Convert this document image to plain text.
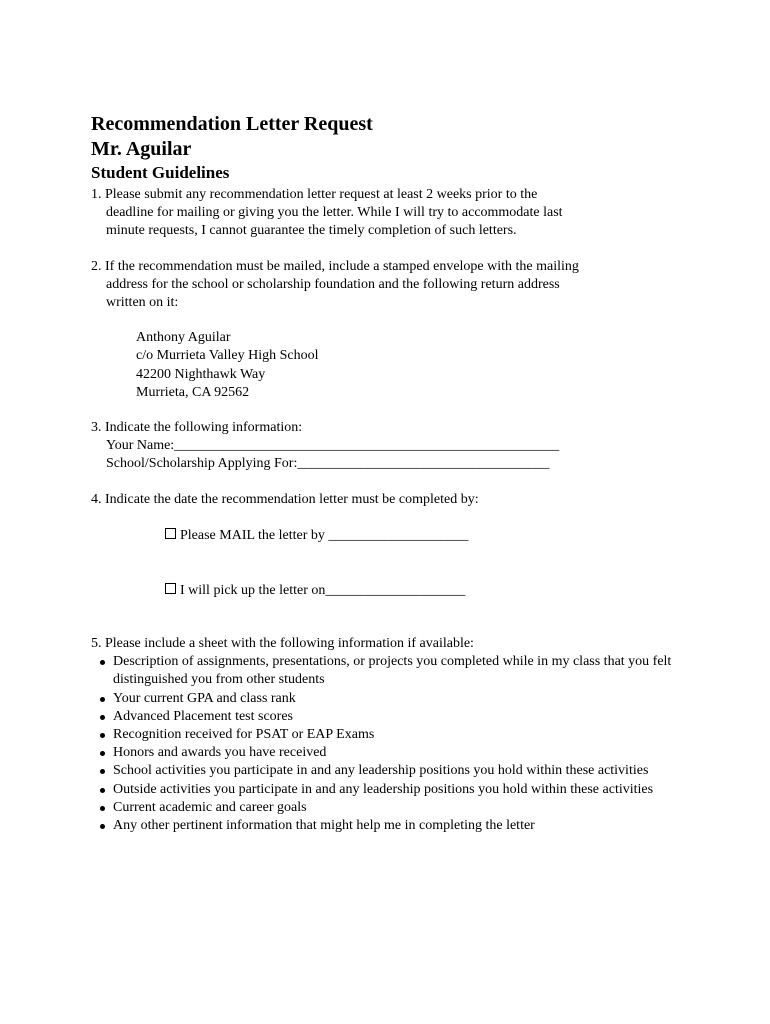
Recommendation Letter Request
Mr. Aguilar
Student Guidelines

1. Please submit any recommendation letter request at least 2 weeks prior to the

deadline for mailing or giving you the letter. While I will try to accommodate last

minute requests, I cannot guarantee the timely completion of such letters.

2. If the recommendation must be mailed, include a stamped envelope with the mailing

address for the school or scholarship foundation and the following return address

written on it:

Anthony Aguilar

c/o Murrieta Valley High School

42200 Nighthawk Way

Murrieta, CA 92562

3. Indicate the following information:

Your Name:_______________________________________________________

School/Scholarship Applying For:____________________________________

4. Indicate the date the recommendation letter must be completed by:

Please MAIL the letter by ____________________

I will pick up the letter on____________________

5. Please include a sheet with the following information if available:

Description of assignments, presentations, or projects you completed while in my class that you felt distinguished you from other students
Your current GPA and class rank
Advanced Placement test scores
Recognition received for PSAT or EAP Exams
Honors and awards you have received
School activities you participate in and any leadership positions you hold within these activities
Outside activities you participate in and any leadership positions you hold within these activities
Current academic and career goals
Any other pertinent information that might help me in completing the letter
